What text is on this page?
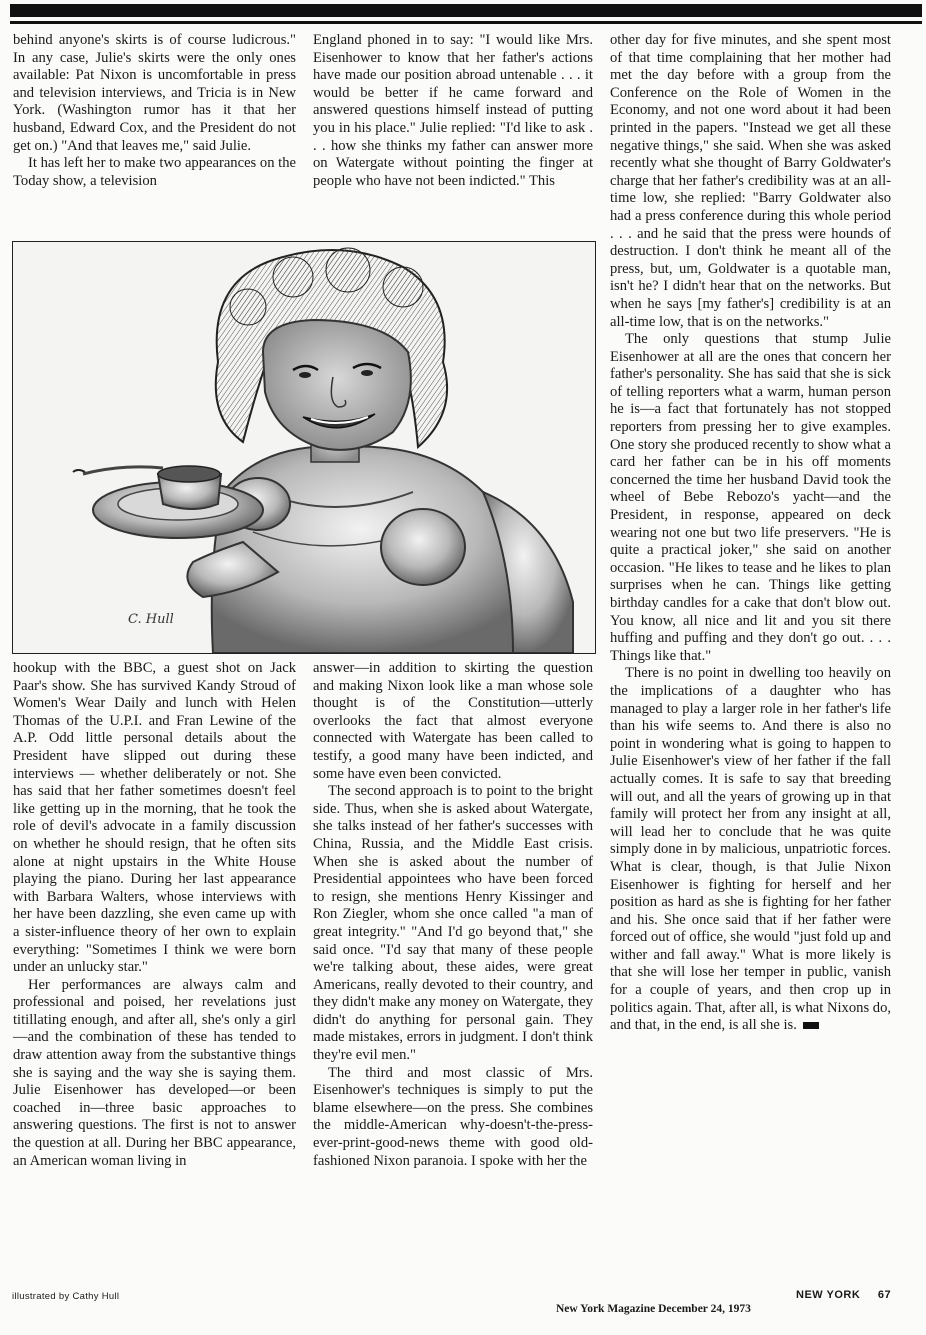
behind anyone's skirts is of course ludicrous." In any case, Julie's skirts were the only ones available: Pat Nixon is uncomfortable in press and television interviews, and Tricia is in New York. (Washington rumor has it that her husband, Edward Cox, and the President do not get on.) "And that leaves me," said Julie.

It has left her to make two appearances on the Today show, a television

England phoned in to say: "I would like Mrs. Eisenhower to know that her father's actions have made our position abroad untenable . . . it would be better if he came forward and answered questions himself instead of putting you in his place." Julie replied: "I'd like to ask . . . how she thinks my father can answer more on Watergate without pointing the finger at people who have not been indicted." This

other day for five minutes, and she spent most of that time complaining that her mother had met the day before with a group from the Conference on the Role of Women in the Economy, and not one word about it had been printed in the papers. "Instead we get all these negative things," she said. When she was asked recently what she thought of Barry Goldwater's charge that her father's credibility was at an all-time low, she replied: "Barry Goldwater also had a press conference during this whole period . . . and he said that the press were hounds of destruction. I don't think he meant all of the press, but, um, Goldwater is a quotable man, isn't he? I didn't hear that on the networks. But when he says [my father's] credibility is at an all-time low, that is on the networks."

The only questions that stump Julie Eisenhower at all are the ones that concern her father's personality. She has said that she is sick of telling reporters what a warm, human person he is—a fact that fortunately has not stopped reporters from pressing her to give examples. One story she produced recently to show what a card her father can be in his off moments concerned the time her husband David took the wheel of Bebe Rebozo's yacht—and the President, in response, appeared on deck wearing not one but two life preservers. "He is quite a practical joker," she said on another occasion. "He likes to tease and he likes to plan surprises when he can. Things like getting birthday candles for a cake that don't blow out. You know, all nice and lit and you sit there huffing and puffing and they don't go out. . . . Things like that."

There is no point in dwelling too heavily on the implications of a daughter who has managed to play a larger role in her father's life than his wife seems to. And there is also no point in wondering what is going to happen to Julie Eisenhower's view of her father if the fall actually comes. It is safe to say that breeding will out, and all the years of growing up in that family will protect her from any insight at all, will lead her to conclude that he was quite simply done in by malicious, unpatriotic forces. What is clear, though, is that Julie Nixon Eisenhower is fighting for herself and her position as hard as she is fighting for her father and his. She once said that if her father were forced out of office, she would "just fold up and wither and fall away." What is more likely is that she will lose her temper in public, vanish for a couple of years, and then crop up in politics again. That, after all, is what Nixons do, and that, in the end, is all she is.

C. Hull

hookup with the BBC, a guest shot on Jack Paar's show. She has survived Kandy Stroud of Women's Wear Daily and lunch with Helen Thomas of the U.P.I. and Fran Lewine of the A.P. Odd little personal details about the President have slipped out during these interviews — whether deliberately or not. She has said that her father sometimes doesn't feel like getting up in the morning, that he took the role of devil's advocate in a family discussion on whether he should resign, that he often sits alone at night upstairs in the White House playing the piano. During her last appearance with Barbara Walters, whose interviews with her have been dazzling, she even came up with a sister-influence theory of her own to explain everything: "Sometimes I think we were born under an unlucky star."

Her performances are always calm and professional and poised, her revelations just titillating enough, and after all, she's only a girl—and the combination of these has tended to draw attention away from the substantive things she is saying and the way she is saying them. Julie Eisenhower has developed—or been coached in—three basic approaches to answering questions. The first is not to answer the question at all. During her BBC appearance, an American woman living in

answer—in addition to skirting the question and making Nixon look like a man whose sole thought is of the Constitution—utterly overlooks the fact that almost everyone connected with Watergate has been called to testify, a good many have been indicted, and some have even been convicted.

The second approach is to point to the bright side. Thus, when she is asked about Watergate, she talks instead of her father's successes with China, Russia, and the Middle East crisis. When she is asked about the number of Presidential appointees who have been forced to resign, she mentions Henry Kissinger and Ron Ziegler, whom she once called "a man of great integrity." "And I'd go beyond that," she said once. "I'd say that many of these people we're talking about, these aides, were great Americans, really devoted to their country, and they didn't make any money on Watergate, they didn't do anything for personal gain. They made mistakes, errors in judgment. I don't think they're evil men."

The third and most classic of Mrs. Eisenhower's techniques is simply to put the blame elsewhere—on the press. She combines the middle-American why-doesn't-the-press-ever-print-good-news theme with good old-fashioned Nixon paranoia. I spoke with her the

illustrated by Cathy Hull	NEW YORK 67
New York Magazine December 24, 1973
